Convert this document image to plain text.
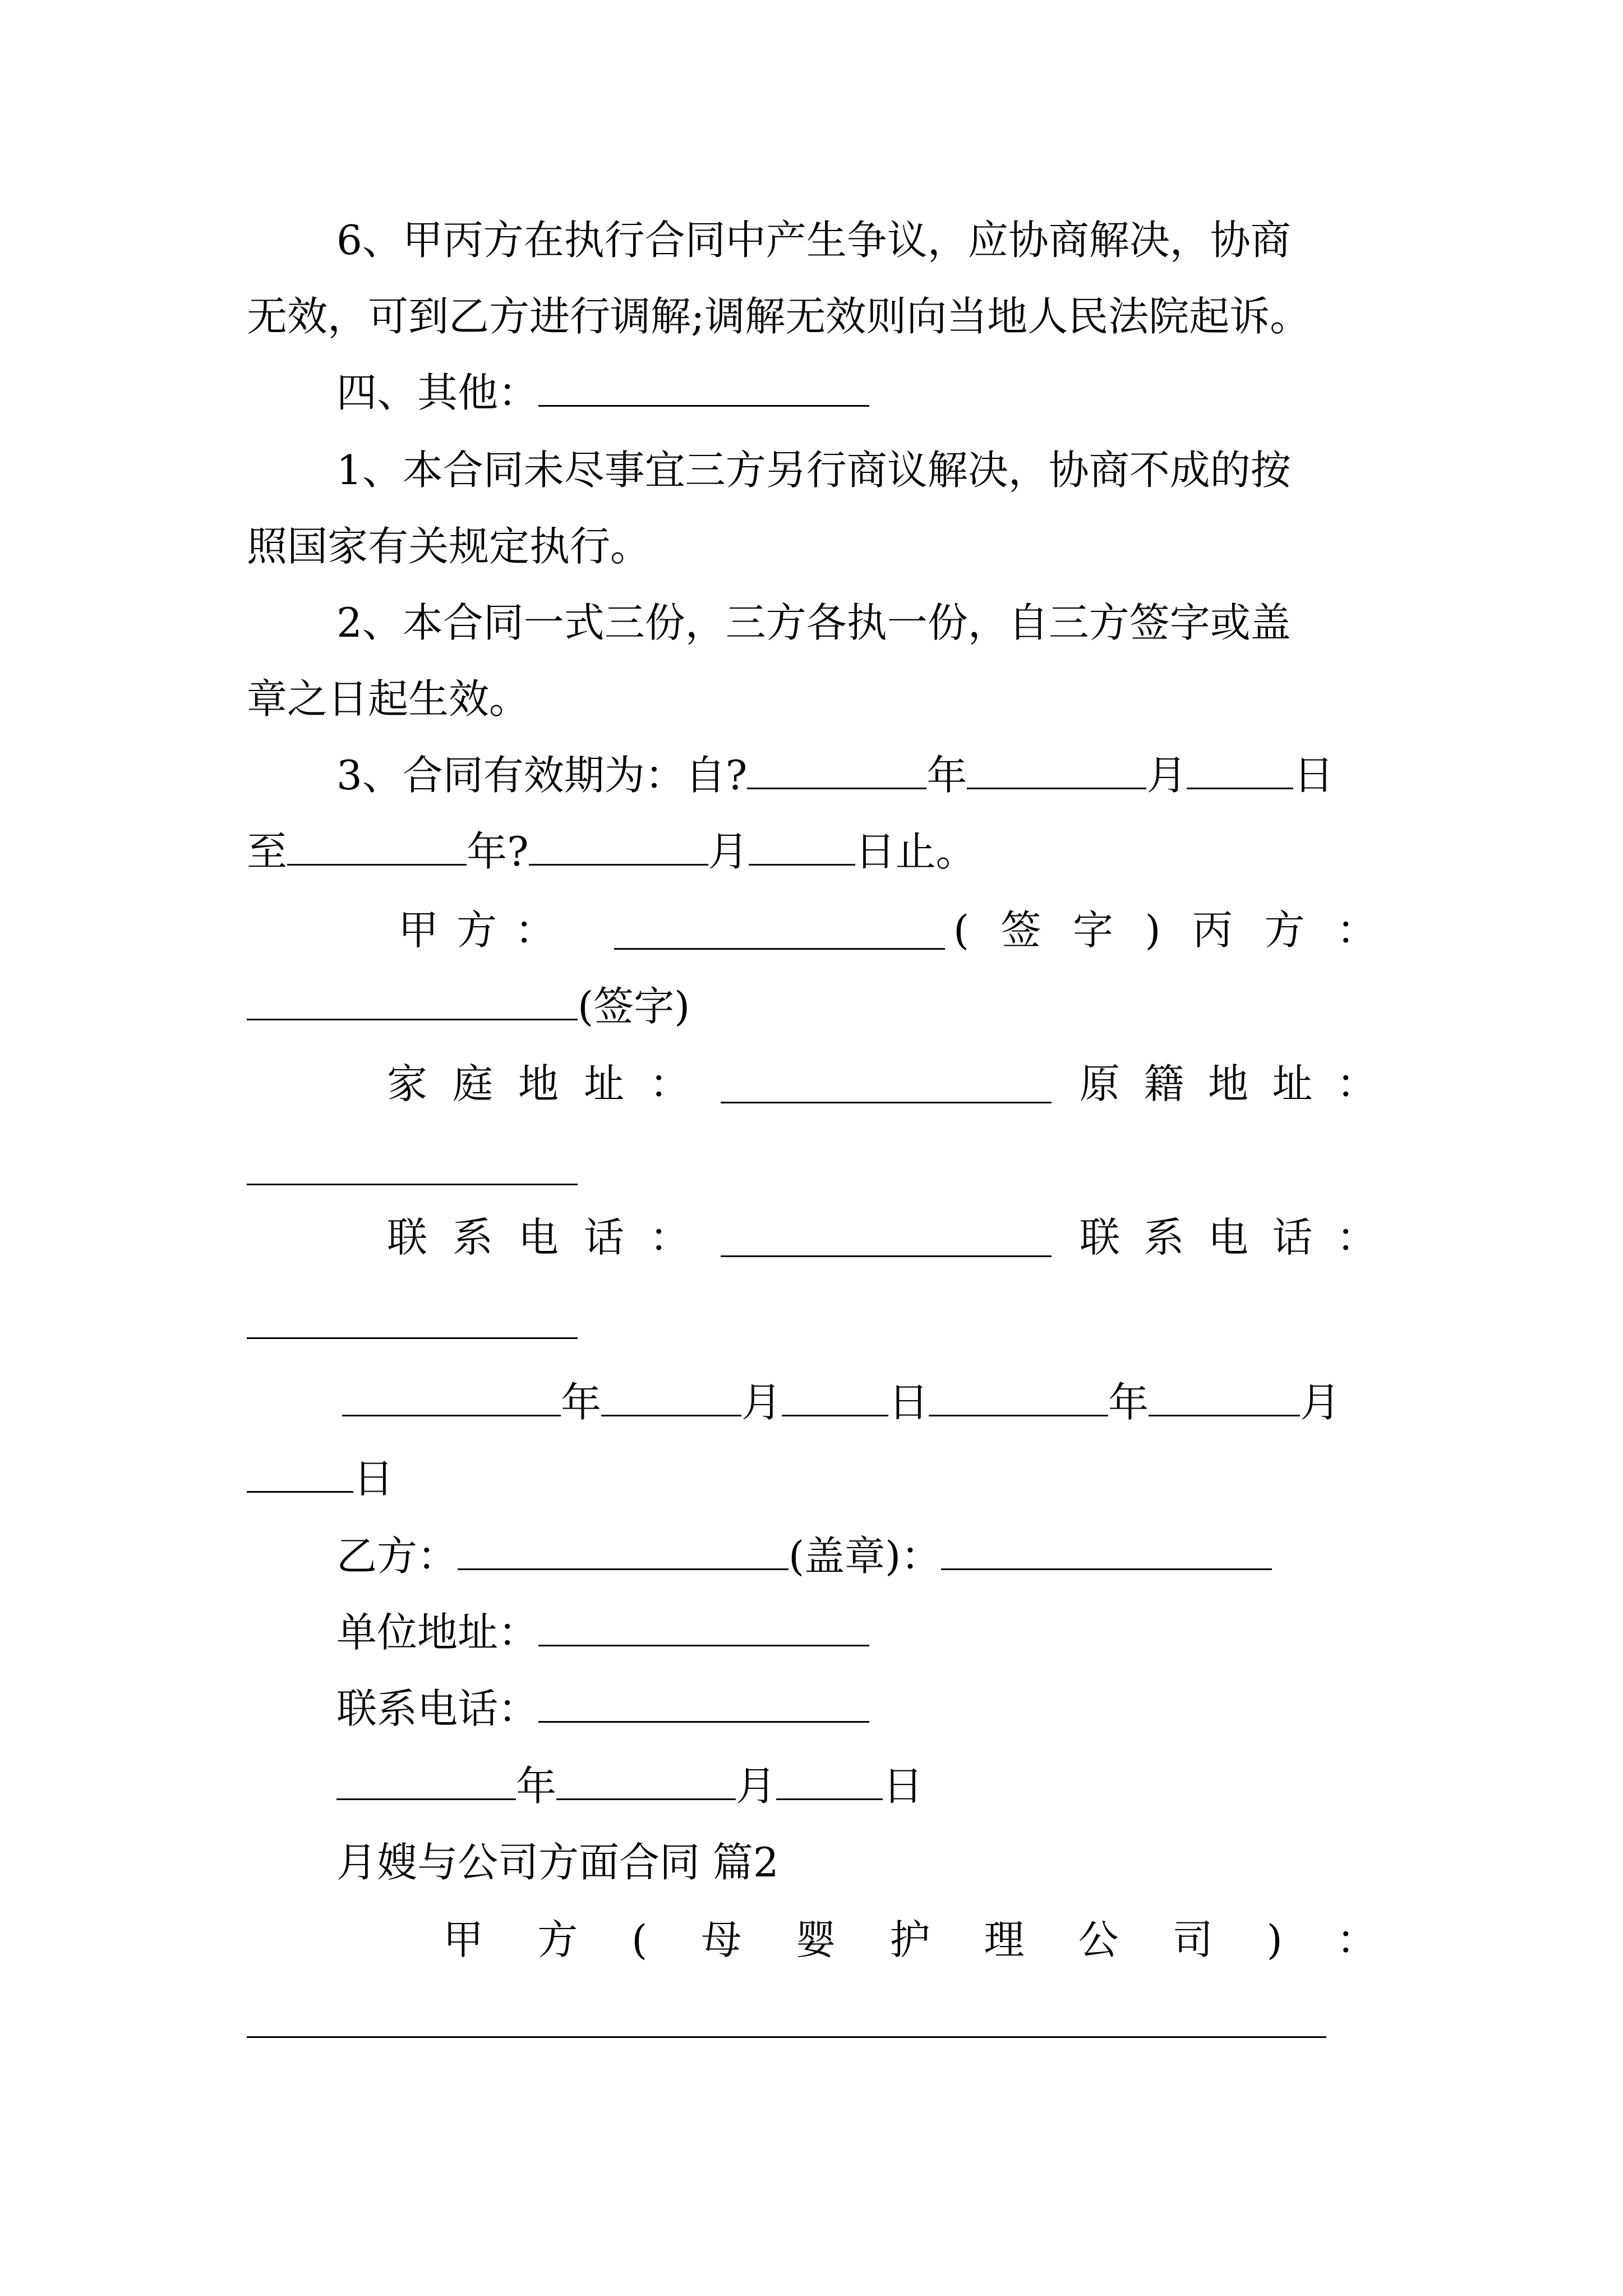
6、甲丙方在执行合同中产生争议，应协商解决，协商
无效，可到乙方进行调解;调解无效则向当地人民法院起诉。
四、其他：
1、本合同未尽事宜三方另行商议解决，协商不成的按
照国家有关规定执行。
2、本合同一式三份，三方各执一份，自三方签字或盖
章之日起生效。
3、合同有效期为：自?	年	月	日
至	年?	月	日止。
甲 方 ：	( 签 字 ) 丙 方 ：
(签字)
家 庭 地 址 ：	原 籍 地 址 ：
联 系 电 话 ：	联 系 电 话 ：
年	月	日	年	月
日
乙方：	(盖章)：
单位地址：
联系电话：
年	月	日
月嫂与公司方面合同 篇2
甲 方 ( 母 婴 护 理 公 司 ) ：
